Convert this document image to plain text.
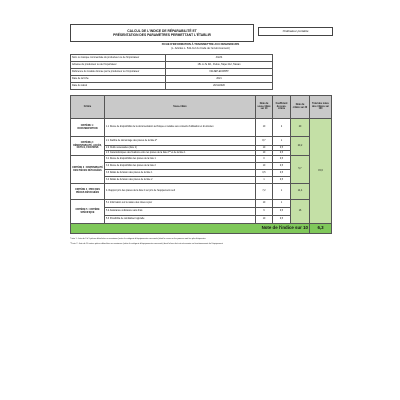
CALCUL DE L'INDICE DE RÉPARABILITÉ ET
PRÉSENTATION DES PARAMÈTRES PERMETTANT L'ÉTABLIR
Ordinateur portable
FICHE D'INFORMATION À TRANSMETTRE AUX DEMANDEURS
(L. Articles L. 541-9-2 du Code de l'environnement)
Nom ou marque commerciale du producteur ou de l'importateur	ASUS
Adresse du producteur ou de l'importateur	15L Li-Te Rd., Peitou, Taipei 112, Taiwan
Référence du modèle donnée par le producteur ou l'importateur	X413EP-EK0055T
Date de la fiche	2021
Date du calcul	20/11/2020
Critère	Sous-critère	Note du sous-critère sur 10	Coefficient du sous-critère	Note du critère sur 20	Total des notes des critères sur 100
CRITÈRE 1 : DOCUMENTATION	1.1 Durée de disponibilité de la documentation technique et relative aux conseils d'utilisation et d'entretien	10	2	20	15,6
CRITÈRE 2 : DÉMONTABILITÉ, ACCÈS, OUTILS, FIXATIONS	2.1 Facilité de démontage des pièces de la liste 2*	8,7	1	20,2	
	2.2 Outils nécessaires (liste 2)	10	0,5		
	2.3 Caractéristiques des fixations entre les pièces de la liste 2** et de la liste 1	10	0,5		
CRITÈRE 3 : DISPONIBILITÉ DES PIÈCES DÉTACHÉES	3.1 Durée de disponibilité des pièces de la liste 1	0	0,5	5,7	
	3.2 Durée de disponibilité des pièces de la liste 2	10	0,5		
	3.3 Délais de livraison des pièces de la liste 1	0,5	0,5		
	3.4 Délais de livraison des pièces de la liste 2	1	0,5		
CRITÈRE 4 : PRIX DES PIÈCES DÉTACHÉES	4. Rapport prix des pièces de la liste 2 sur prix de l'équipement neuf	7,2	1	14,4	
CRITÈRE 5 : CRITÈRE SPÉCIFIQUE	5.1 Information sur la nature des mises à jour	10	1	16	
	5.2 Assistance à distance sans frais	6	0,5		
	5.3 Possibilité de réinitialiser logicielle	10	0,5		
Note de l'indice sur 10					6,3
*Liste 1 : liste de 3 à 5 pièces détachées au maximum (entre la catégorie d'équipements concernée) dont la casse ou les pannes sont les plus fréquentes
**Liste 2 : liste de 10 autres pièces détachées au maximum (selon la catégorie d'équipements concernée) dont le bon état est nécessaire au fonctionnement de l'équipement
